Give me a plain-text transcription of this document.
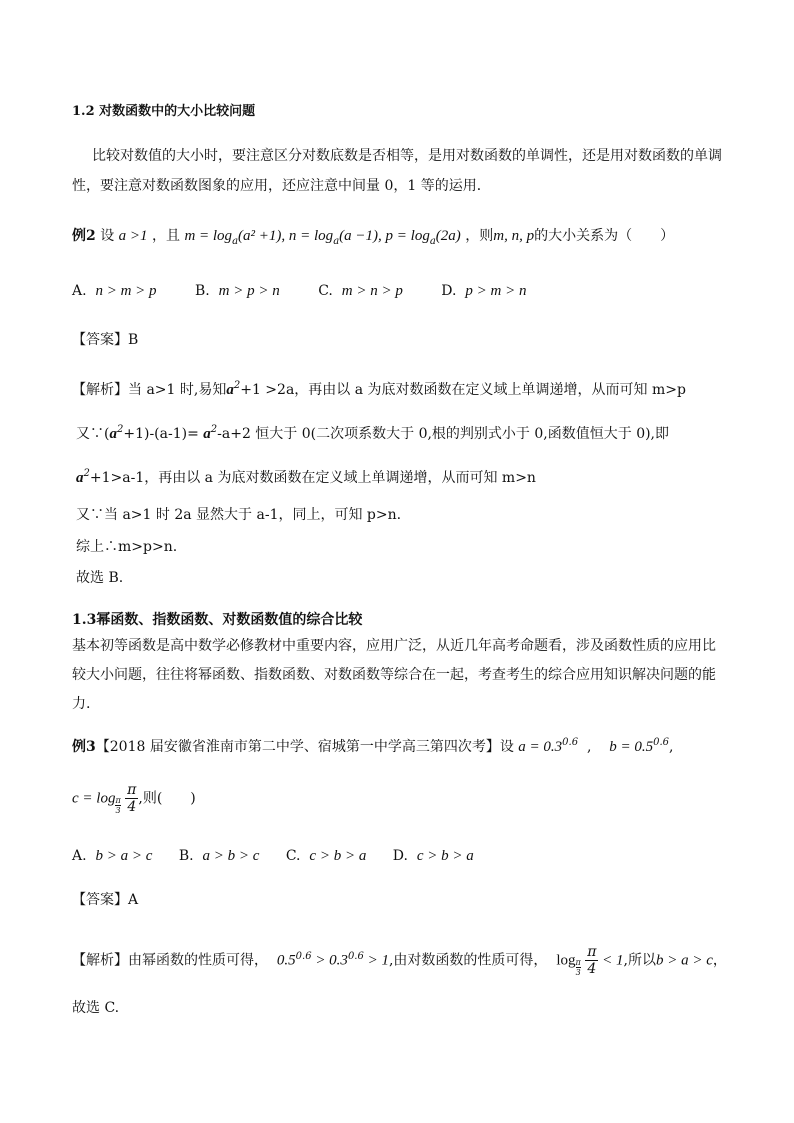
1.2 对数函数中的大小比较问题
比较对数值的大小时，要注意区分对数底数是否相等，是用对数函数的单调性，还是用对数函数的单调
性，要注意对数函数图象的应用，还应注意中间量 0，1 等的运用．
例2 设 a >1 ，且 $m = \log_a(a^2 +1)$, $n = \log_a(a -1)$, $p = \log_a(2a)$ ，则m, n, p的大小关系为（　　）
A. n > m > p	B. m > p > n	C. m > n > p	D. p > m > n
【答案】B
【解析】当 a>1 时,易知$a^2+1 >2a$，再由以 a 为底对数函数在定义域上单调递增，从而可知 m>p
又$\because(a^2+1)-(a-1)= a^2-a+2$ 恒大于 0(二次项系数大于 0,根的判别式小于 0,函数值恒大于 0),即
$a^2+1>a-1$，再由以 a 为底对数函数在定义域上单调递增，从而可知 m>n
又∵当 a>1 时 2a 显然大于 a-1，同上，可知 p>n.
综上∴m>p>n.
故选 B.
1.3幂函数、指数函数、对数函数值的综合比较
基本初等函数是高中数学必修教材中重要内容，应用广泛，从近几年高考命题看，涉及函数性质的应用比
较大小问题，往往将幂函数、指数函数、对数函数等综合在一起，考查考生的综合应用知识解决问题的能
力.
例3【2018 届安徽省淮南市第二中学、宿城第一中学高三第四次考】设 $a = 0.3^{0.6}$  ,    $b = 0.5^{0.6}$,
$c = \log \frac{\pi}{3} \frac{\pi}{4}$ ,则(　　)
A. b > a > c B. a > b > c C. c > b > a D. c > b > a
【答案】A
【解析】由幂函数的性质可得， $0.5^{0.6} > 0.3^{0.6} > 1$,由对数函数的性质可得， $\log \frac{\pi}{3} \frac{\pi}{4} < 1$,所以b > a > c，
故选 C.
